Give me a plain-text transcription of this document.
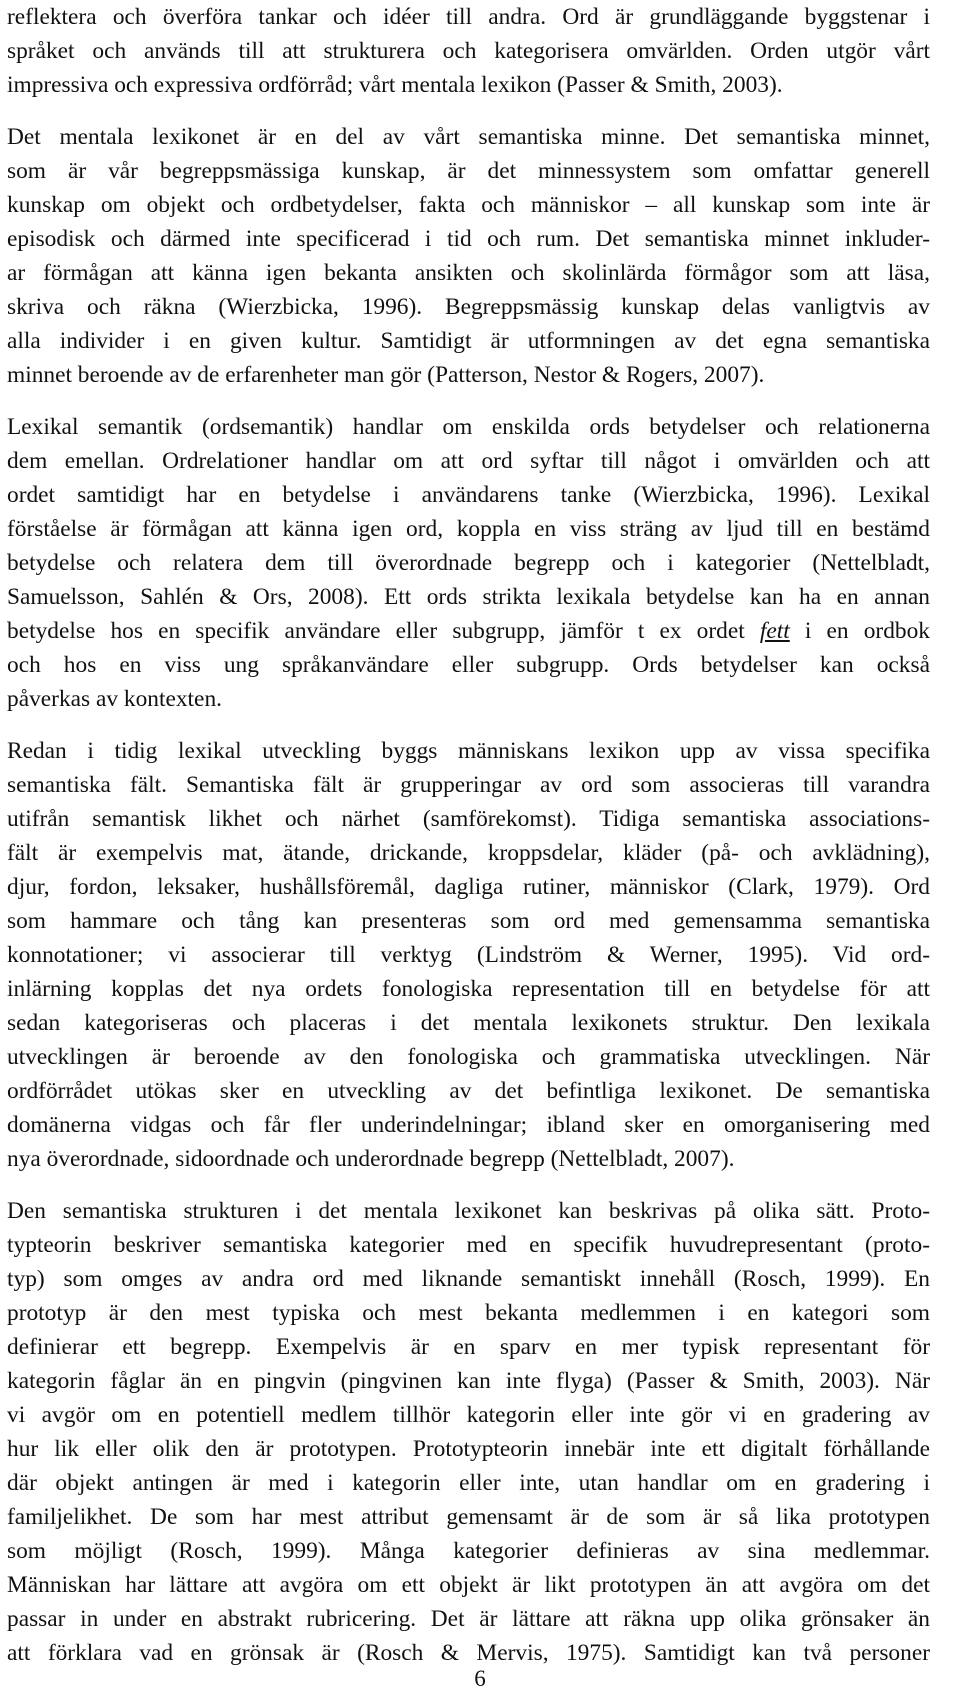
reflektera och överföra tankar och idéer till andra. Ord är grundläggande byggstenar i
språket och används till att strukturera och kategorisera omvärlden. Orden utgör vårt
impressiva och expressiva ordförråd; vårt mentala lexikon (Passer & Smith, 2003).
Det mentala lexikonet är en del av vårt semantiska minne. Det semantiska minnet,
som är vår begreppsmässiga kunskap, är det minnessystem som omfattar generell
kunskap om objekt och ordbetydelser, fakta och människor – all kunskap som inte är
episodisk och därmed inte specificerad i tid och rum. Det semantiska minnet inkluder-
ar förmågan att känna igen bekanta ansikten och skolinlärda förmågor som att läsa,
skriva och räkna (Wierzbicka, 1996). Begreppsmässig kunskap delas vanligtvis av
alla individer i en given kultur. Samtidigt är utformningen av det egna semantiska
minnet beroende av de erfarenheter man gör (Patterson, Nestor & Rogers, 2007).
Lexikal semantik (ordsemantik) handlar om enskilda ords betydelser och relationerna
dem emellan. Ordrelationer handlar om att ord syftar till något i omvärlden och att
ordet samtidigt har en betydelse i användarens tanke (Wierzbicka, 1996). Lexikal
förståelse är förmågan att känna igen ord, koppla en viss sträng av ljud till en bestämd
betydelse och relatera dem till överordnade begrepp och i kategorier (Nettelbladt,
Samuelsson, Sahlén & Ors, 2008). Ett ords strikta lexikala betydelse kan ha en annan
betydelse hos en specifik användare eller subgrupp, jämför t ex ordet fett i en ordbok
och hos en viss ung språkanvändare eller subgrupp. Ords betydelser kan också
påverkas av kontexten.
Redan i tidig lexikal utveckling byggs människans lexikon upp av vissa specifika
semantiska fält. Semantiska fält är grupperingar av ord som associeras till varandra
utifrån semantisk likhet och närhet (samförekomst). Tidiga semantiska associations-
fält är exempelvis mat, ätande, drickande, kroppsdelar, kläder (på- och avklädning),
djur, fordon, leksaker, hushållsföremål, dagliga rutiner, människor (Clark, 1979). Ord
som hammare och tång kan presenteras som ord med gemensamma semantiska
konnotationer; vi associerar till verktyg (Lindström & Werner, 1995). Vid ord-
inlärning kopplas det nya ordets fonologiska representation till en betydelse för att
sedan kategoriseras och placeras i det mentala lexikonets struktur. Den lexikala
utvecklingen är beroende av den fonologiska och grammatiska utvecklingen. När
ordförrådet utökas sker en utveckling av det befintliga lexikonet. De semantiska
domänerna vidgas och får fler underindelningar; ibland sker en omorganisering med
nya överordnade, sidoordnade och underordnade begrepp (Nettelbladt, 2007).
Den semantiska strukturen i det mentala lexikonet kan beskrivas på olika sätt. Proto-
typteorin beskriver semantiska kategorier med en specifik huvudrepresentant (proto-
typ) som omges av andra ord med liknande semantiskt innehåll (Rosch, 1999). En
prototyp är den mest typiska och mest bekanta medlemmen i en kategori som
definierar ett begrepp. Exempelvis är en sparv en mer typisk representant för
kategorin fåglar än en pingvin (pingvinen kan inte flyga) (Passer & Smith, 2003). När
vi avgör om en potentiell medlem tillhör kategorin eller inte gör vi en gradering av
hur lik eller olik den är prototypen. Prototypteorin innebär inte ett digitalt förhållande
där objekt antingen är med i kategorin eller inte, utan handlar om en gradering i
familjelikhet. De som har mest attribut gemensamt är de som är så lika prototypen
som möjligt (Rosch, 1999). Många kategorier definieras av sina medlemmar.
Människan har lättare att avgöra om ett objekt är likt prototypen än att avgöra om det
passar in under en abstrakt rubricering. Det är lättare att räkna upp olika grönsaker än
att förklara vad en grönsak är (Rosch & Mervis, 1975). Samtidigt kan två personer
6
